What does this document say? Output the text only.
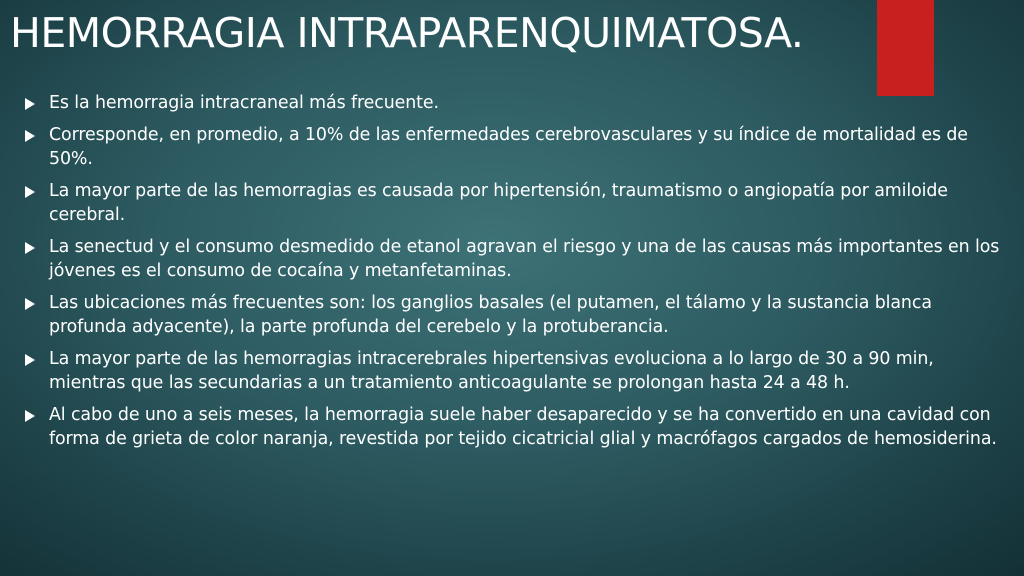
HEMORRAGIA INTRAPARENQUIMATOSA.
Es la hemorragia intracraneal más frecuente.
Corresponde, en promedio, a 10% de las enfermedades cerebrovasculares y su índice de mortalidad es de 50%.
La mayor parte de las hemorragias es causada por hipertensión, traumatismo o angiopatía por amiloide cerebral.
La senectud y el consumo desmedido de etanol agravan el riesgo y una de las causas más importantes en los jóvenes es el consumo de cocaína y metanfetaminas.
Las ubicaciones más frecuentes son: los ganglios basales (el putamen, el tálamo y la sustancia blanca profunda adyacente), la parte profunda del cerebelo y la protuberancia.
La mayor parte de las hemorragias intracerebrales hipertensivas evoluciona a lo largo de 30 a 90 min, mientras que las secundarias a un tratamiento anticoagulante se prolongan hasta 24 a 48 h.
Al cabo de uno a seis meses, la hemorragia suele haber desaparecido y se ha convertido en una cavidad con forma de grieta de color naranja, revestida por tejido cicatricial glial y macrófagos cargados de hemosiderina.
